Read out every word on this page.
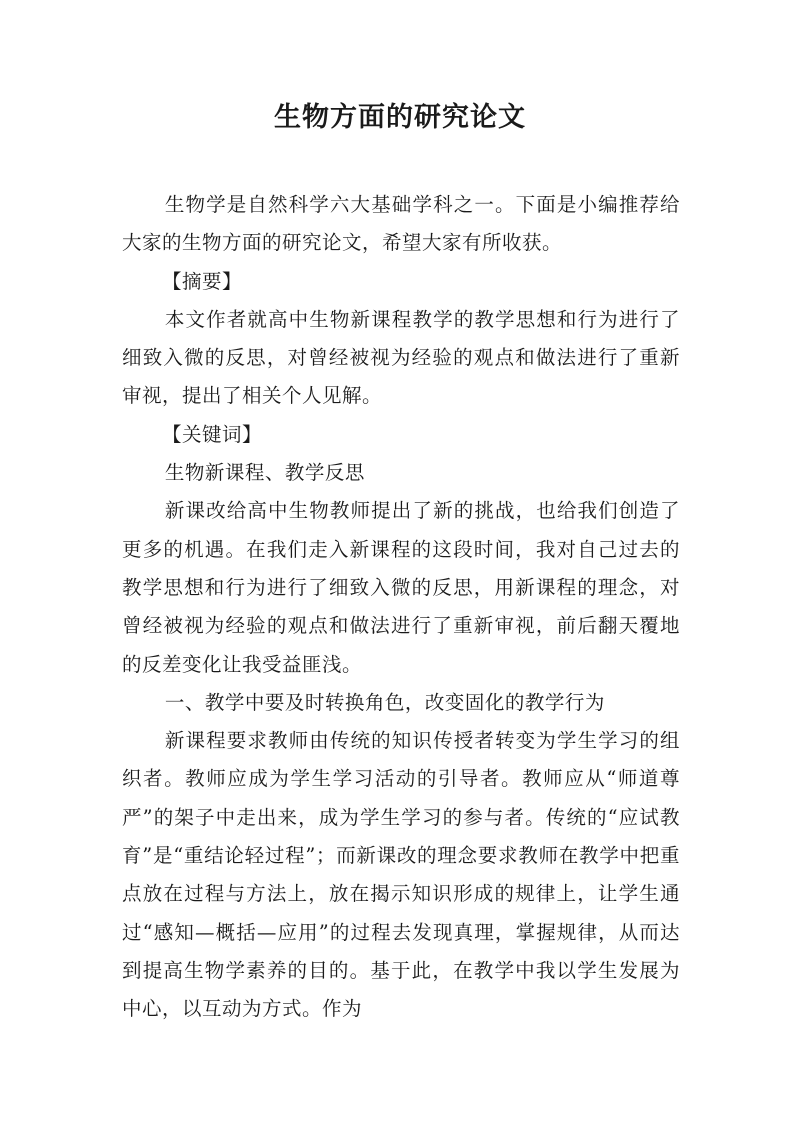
生物方面的研究论文

生物学是自然科学六大基础学科之一。下面是小编推荐给大家的生物方面的研究论文，希望大家有所收获。

【摘要】

本文作者就高中生物新课程教学的教学思想和行为进行了细致入微的反思，对曾经被视为经验的观点和做法进行了重新审视，提出了相关个人见解。

【关键词】

生物新课程、教学反思

新课改给高中生物教师提出了新的挑战，也给我们创造了更多的机遇。在我们走入新课程的这段时间，我对自己过去的教学思想和行为进行了细致入微的反思，用新课程的理念，对曾经被视为经验的观点和做法进行了重新审视，前后翻天覆地的反差变化让我受益匪浅。

一、教学中要及时转换角色，改变固化的教学行为

新课程要求教师由传统的知识传授者转变为学生学习的组织者。教师应成为学生学习活动的引导者。教师应从“师道尊严”的架子中走出来，成为学生学习的参与者。传统的“应试教育”是“重结论轻过程”；而新课改的理念要求教师在教学中把重点放在过程与方法上，放在揭示知识形成的规律上，让学生通过“感知—概括—应用”的过程去发现真理，掌握规律，从而达到提高生物学素养的目的。基于此，在教学中我以学生发展为中心，以互动为方式。作为
